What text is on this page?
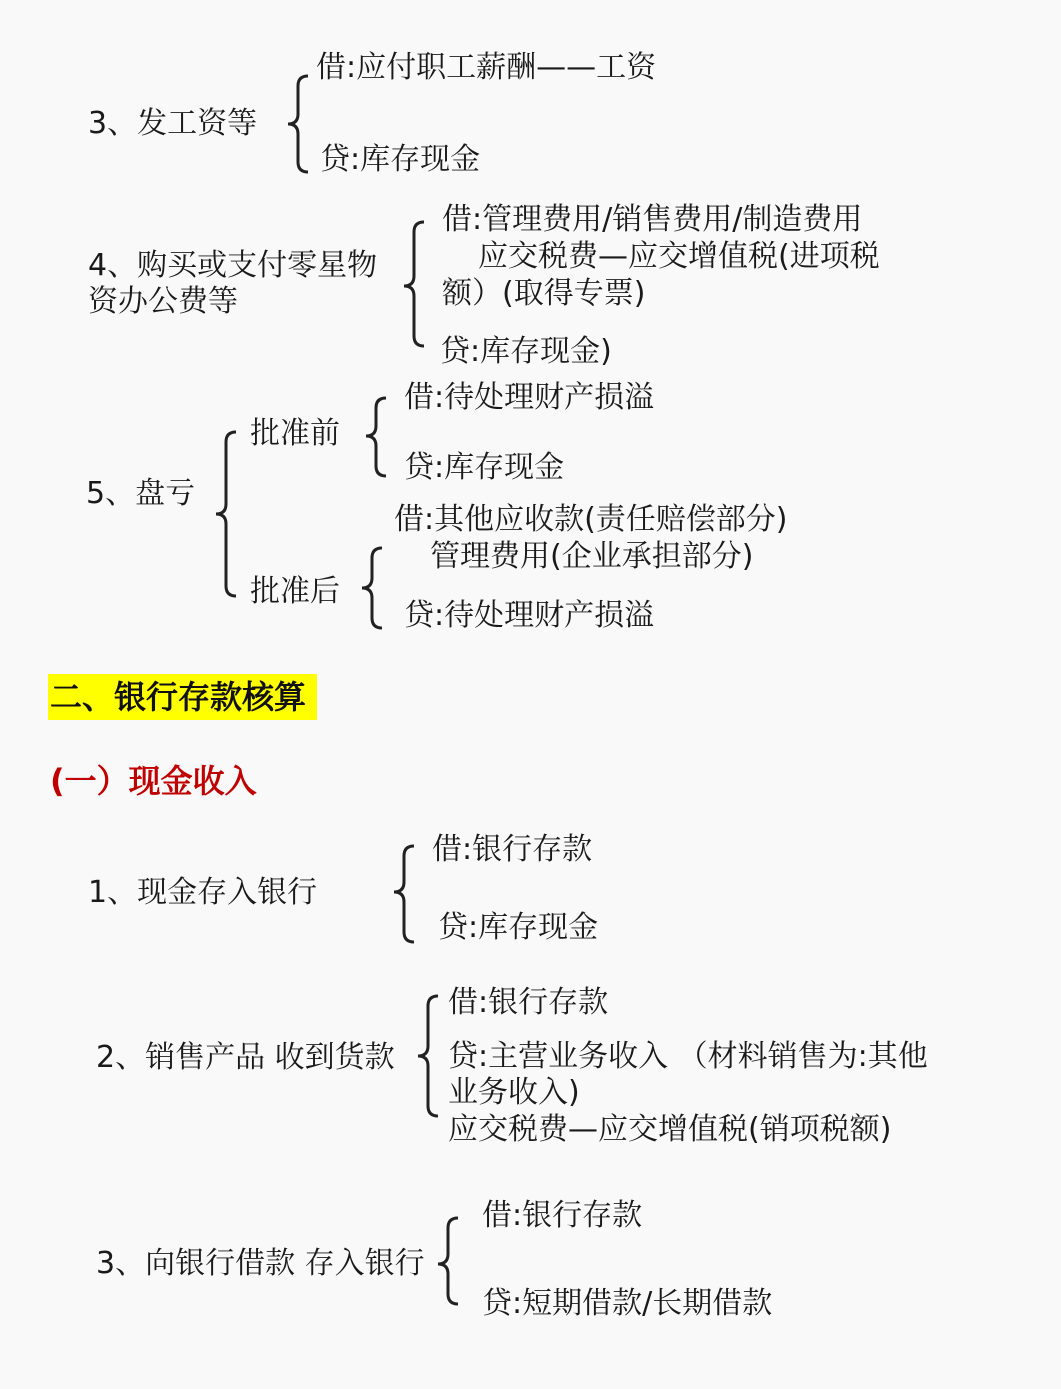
3、发工资等
借:应付职工薪酬——工资
贷:库存现金
4、购买或支付零星物
资办公费等
借:管理费用/销售费用/制造费用
应交税费—应交增值税(进项税
额）(取得专票)
贷:库存现金)
5、盘亏
批准前
借:待处理财产损溢
贷:库存现金
批准后
借:其他应收款(责任赔偿部分)
管理费用(企业承担部分)
贷:待处理财产损溢
二、银行存款核算
(一）现金收入
1、现金存入银行
借:银行存款
贷:库存现金
2、销售产品 收到货款
借:银行存款
贷:主营业务收入 （材料销售为:其他
业务收入)
应交税费—应交增值税(销项税额)
3、向银行借款 存入银行
借:银行存款
贷:短期借款/长期借款
